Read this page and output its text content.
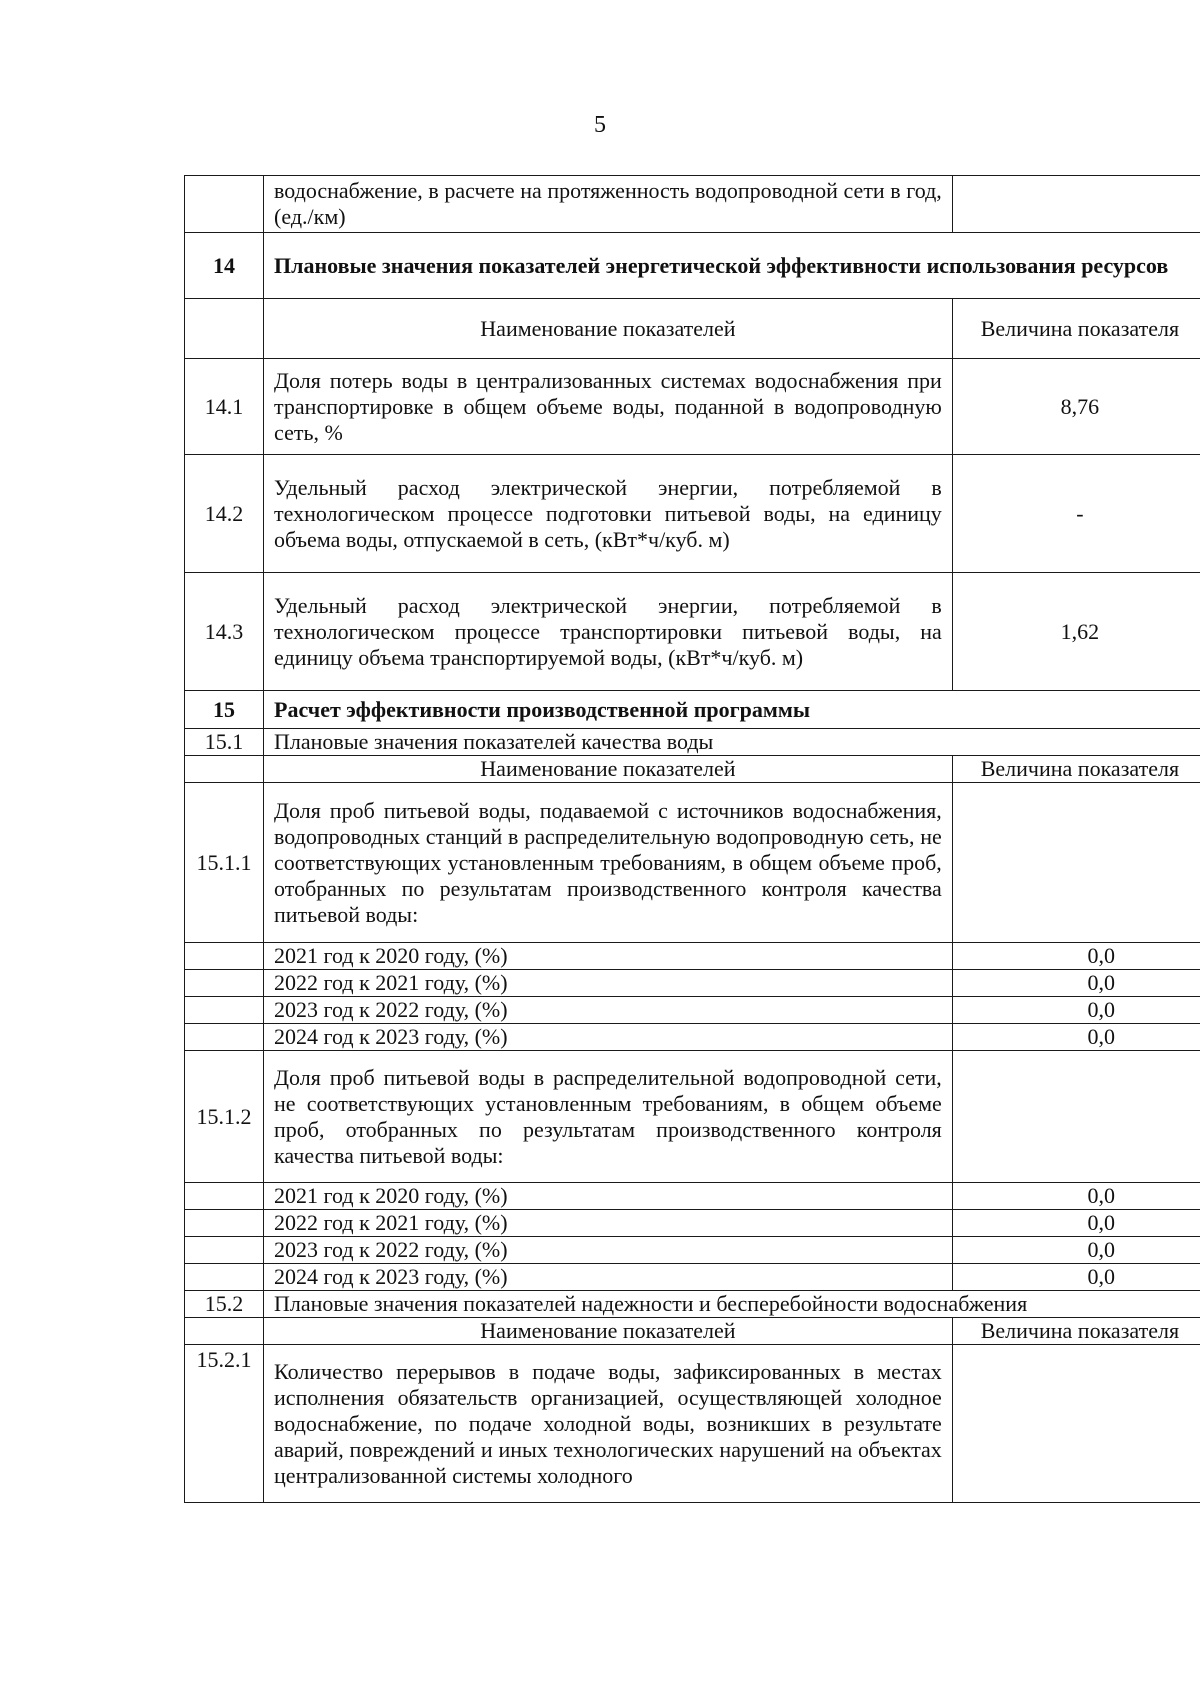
5
	водоснабжение, в расчете на протяженность водопроводной сети в год, (ед./км)	
14	Плановые значения показателей энергетической эффективности использования ресурсов	
	Наименование показателей	Величина показателя
14.1	Доля потерь воды в централизованных системах водоснабжения при транспортировке в общем объеме воды, поданной в водопроводную сеть, %	8,76
14.2	Удельный расход электрической энергии, потребляемой в технологическом процессе подготовки питьевой воды, на единицу объема воды, отпускаемой в сеть, (кВт*ч/куб. м)	-
14.3	Удельный расход электрической энергии, потребляемой в технологическом процессе транспортировки питьевой воды, на единицу объема транспортируемой воды, (кВт*ч/куб. м)	1,62
15	Расчет эффективности производственной программы	
15.1	Плановые значения показателей качества воды	
	Наименование показателей	Величина показателя
15.1.1	Доля проб питьевой воды, подаваемой с источников водоснабжения, водопроводных станций в распределительную водопроводную сеть, не соответствующих установленным требованиям, в общем объеме проб, отобранных по результатам производственного контроля качества питьевой воды:	
	2021 год к 2020 году, (%)	0,0
	2022 год к 2021 году, (%)	0,0
	2023 год к 2022 году, (%)	0,0
	2024 год к 2023 году, (%)	0,0
15.1.2	Доля проб питьевой воды в распределительной водопроводной сети, не соответствующих установленным требованиям, в общем объеме проб, отобранных по результатам производственного контроля качества питьевой воды:	
	2021 год к 2020 году, (%)	0,0
	2022 год к 2021 году, (%)	0,0
	2023 год к 2022 году, (%)	0,0
	2024 год к 2023 году, (%)	0,0
15.2	Плановые значения показателей надежности и бесперебойности водоснабжения	
	Наименование показателей	Величина показателя
15.2.1	Количество перерывов в подаче воды, зафиксированных в местах исполнения обязательств организацией, осуществляющей холодное водоснабжение, по подаче холодной воды, возникших в результате аварий, повреждений и иных технологических нарушений на объектах централизованной системы холодного	
